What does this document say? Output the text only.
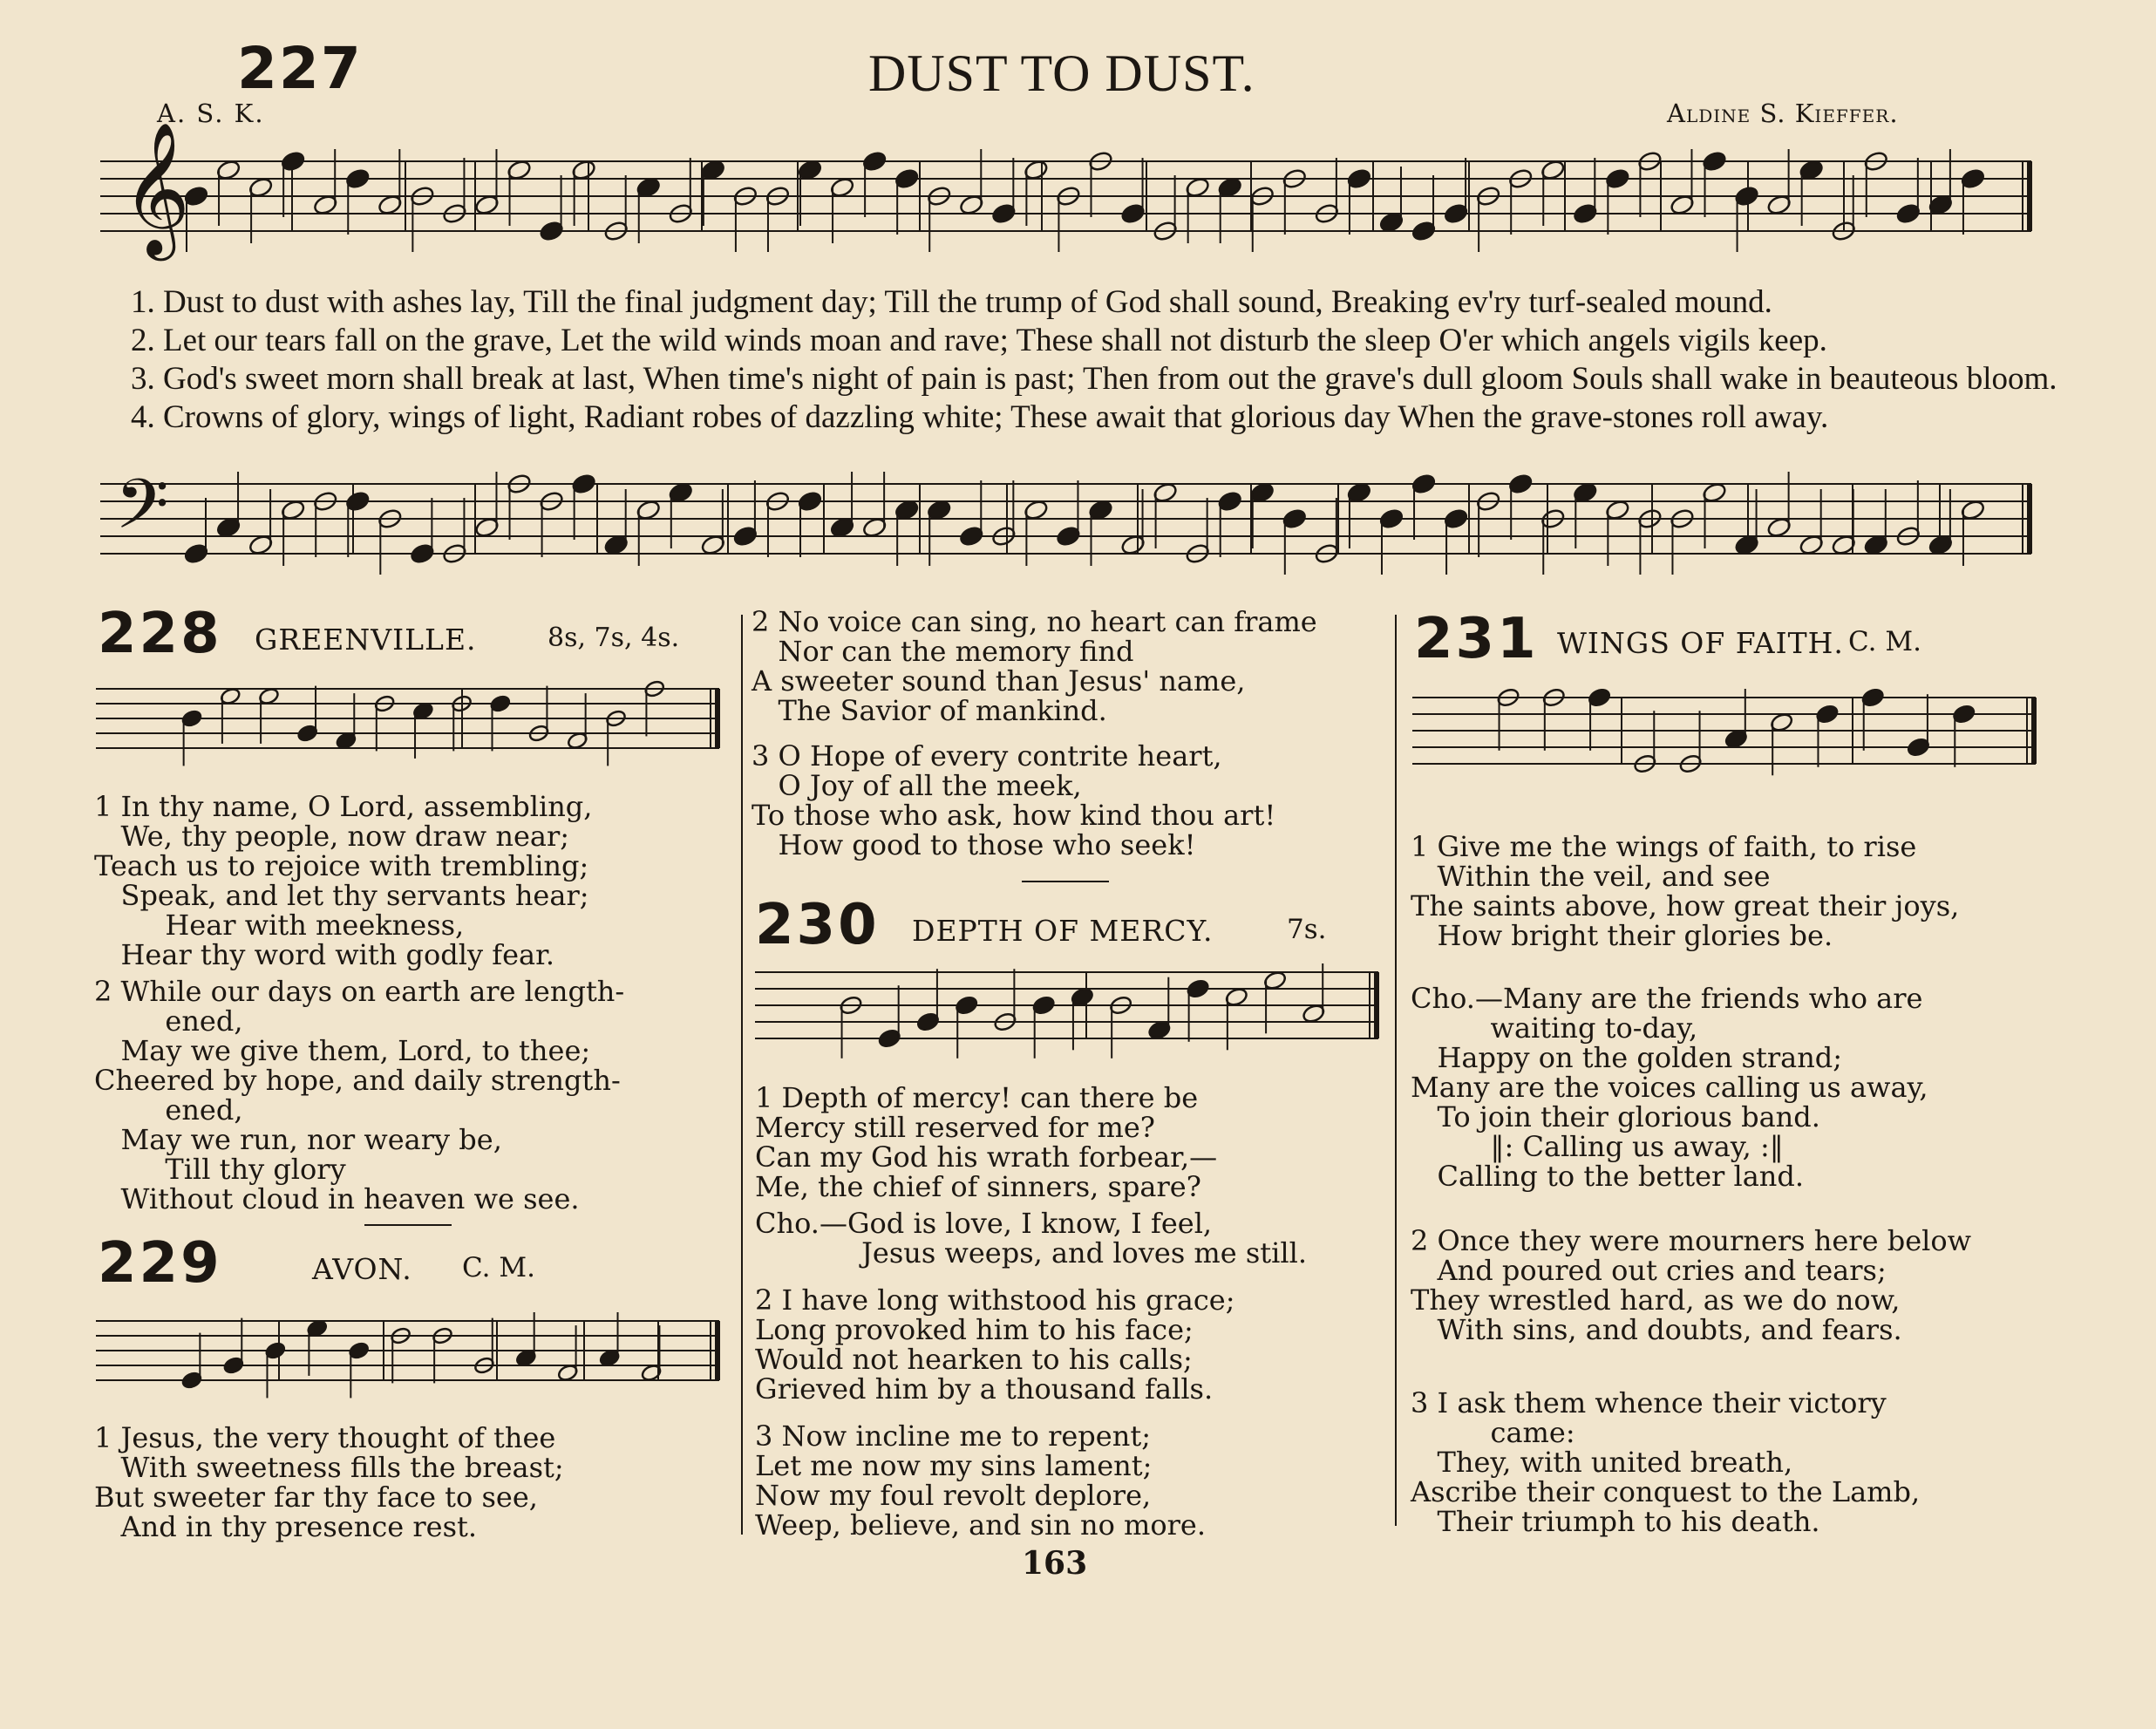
227	DUST TO DUST.
A. S. K.	Aldine S. Kieffer.
𝄞
1. Dust to dust with ashes lay, Till the final judgment day; Till the trump of God shall sound, Breaking ev'ry turf-sealed mound.
2. Let our tears fall on the grave, Let the wild winds moan and rave; These shall not disturb the sleep O'er which angels vigils keep.
3. God's sweet morn shall break at last, When time's night of pain is past; Then from out the grave's dull gloom Souls shall wake in beauteous bloom.
4. Crowns of glory, wings of light, Radiant robes of dazzling white; These await that glorious day When the grave-stones roll away.
𝄢
228 GREENVILLE.	8s, 7s, 4s.
1 In thy name, O Lord, assembling,
We, thy people, now draw near;
Teach us to rejoice with trembling;
Speak, and let thy servants hear;
Hear with meekness,
Hear thy word with godly fear.
2 While our days on earth are length-
ened,
May we give them, Lord, to thee;
Cheered by hope, and daily strength-
ened,
May we run, nor weary be,
Till thy glory
Without cloud in heaven we see.
229	AVON. C. M.
1 Jesus, the very thought of thee
With sweetness fills the breast;
But sweeter far thy face to see,
And in thy presence rest.
2 No voice can sing, no heart can frame
Nor can the memory find
A sweeter sound than Jesus' name,
The Savior of mankind.
3 O Hope of every contrite heart,
O Joy of all the meek,
To those who ask, how kind thou art!
How good to those who seek!
230 DEPTH OF MERCY.	7s.
1 Depth of mercy! can there be
Mercy still reserved for me?
Can my God his wrath forbear,—
Me, the chief of sinners, spare?
Cho.—God is love, I know, I feel,
Jesus weeps, and loves me still.
2 I have long withstood his grace;
Long provoked him to his face;
Would not hearken to his calls;
Grieved him by a thousand falls.
3 Now incline me to repent;
Let me now my sins lament;
Now my foul revolt deplore,
Weep, believe, and sin no more.
231 WINGS OF FAITH. C. M.
1 Give me the wings of faith, to rise
Within the veil, and see
The saints above, how great their joys,
How bright their glories be.
Cho.—Many are the friends who are
waiting to-day,
Happy on the golden strand;
Many are the voices calling us away,
To join their glorious band.
‖: Calling us away, :‖
Calling to the better land.
2 Once they were mourners here below
And poured out cries and tears;
They wrestled hard, as we do now,
With sins, and doubts, and fears.
3 I ask them whence their victory
came:
They, with united breath,
Ascribe their conquest to the Lamb,
Their triumph to his death.
163
